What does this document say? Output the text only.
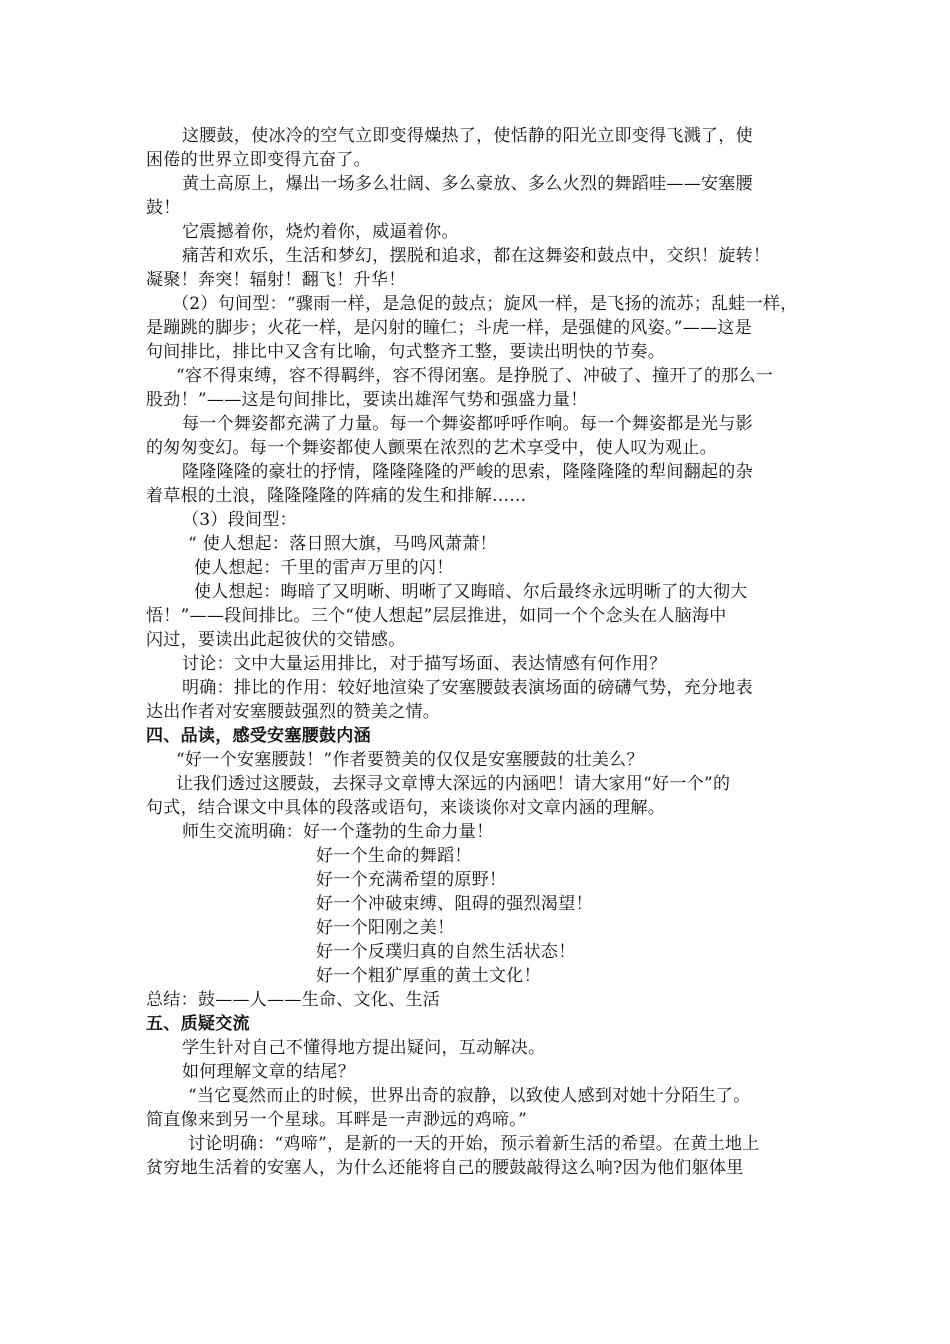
这腰鼓，使冰冷的空气立即变得燥热了，使恬静的阳光立即变得飞溅了，使
困倦的世界立即变得亢奋了。
黄土高原上，爆出一场多么壮阔、多么豪放、多么火烈的舞蹈哇——安塞腰
鼓！
它震撼着你，烧灼着你，威逼着你。
痛苦和欢乐，生活和梦幻，摆脱和追求，都在这舞姿和鼓点中，交织！旋转！
凝聚！奔突！辐射！翻飞！升华！
（2）句间型：“骤雨一样，是急促的鼓点；旋风一样，是飞扬的流苏；乱蛙一样，
是蹦跳的脚步；火花一样，是闪射的瞳仁；斗虎一样，是强健的风姿。”——这是
句间排比，排比中又含有比喻，句式整齐工整，要读出明快的节奏。
“容不得束缚，容不得羁绊，容不得闭塞。是挣脱了、冲破了、撞开了的那么一
股劲！”——这是句间排比，要读出雄浑气势和强盛力量！
每一个舞姿都充满了力量。每一个舞姿都呼呼作响。每一个舞姿都是光与影
的匆匆变幻。每一个舞姿都使人颤栗在浓烈的艺术享受中，使人叹为观止。
隆隆隆隆的豪壮的抒情，隆隆隆隆的严峻的思索，隆隆隆隆的犁间翻起的杂
着草根的土浪，隆隆隆隆的阵痛的发生和排解……
（3）段间型：
“ 使人想起：落日照大旗，马鸣风萧萧！
使人想起：千里的雷声万里的闪！
使人想起：晦暗了又明晰、明晰了又晦暗、尔后最终永远明晰了的大彻大
悟！”——段间排比。三个“使人想起”层层推进，如同一个个念头在人脑海中
闪过，要读出此起彼伏的交错感。
讨论：文中大量运用排比，对于描写场面、表达情感有何作用？
明确：排比的作用：较好地渲染了安塞腰鼓表演场面的磅礴气势，充分地表
达出作者对安塞腰鼓强烈的赞美之情。
四、品读，感受安塞腰鼓内涵
“好一个安塞腰鼓！”作者要赞美的仅仅是安塞腰鼓的壮美么？
让我们透过这腰鼓，去探寻文章博大深远的内涵吧！请大家用“好一个”的
句式，结合课文中具体的段落或语句，来谈谈你对文章内涵的理解。
师生交流明确：好一个蓬勃的生命力量！
好一个生命的舞蹈！
好一个充满希望的原野！
好一个冲破束缚、阻碍的强烈渴望！
好一个阳刚之美！
好一个反璞归真的自然生活状态！
好一个粗犷厚重的黄土文化！
总结：鼓——人——生命、文化、生活
五、质疑交流
学生针对自己不懂得地方提出疑问，互动解决。
如何理解文章的结尾？
“当它戛然而止的时候，世界出奇的寂静，以致使人感到对她十分陌生了。
简直像来到另一个星球。耳畔是一声渺远的鸡啼。”
讨论明确：“鸡啼”，是新的一天的开始，预示着新生活的希望。在黄土地上
贫穷地生活着的安塞人，为什么还能将自己的腰鼓敲得这么响?因为他们躯体里
